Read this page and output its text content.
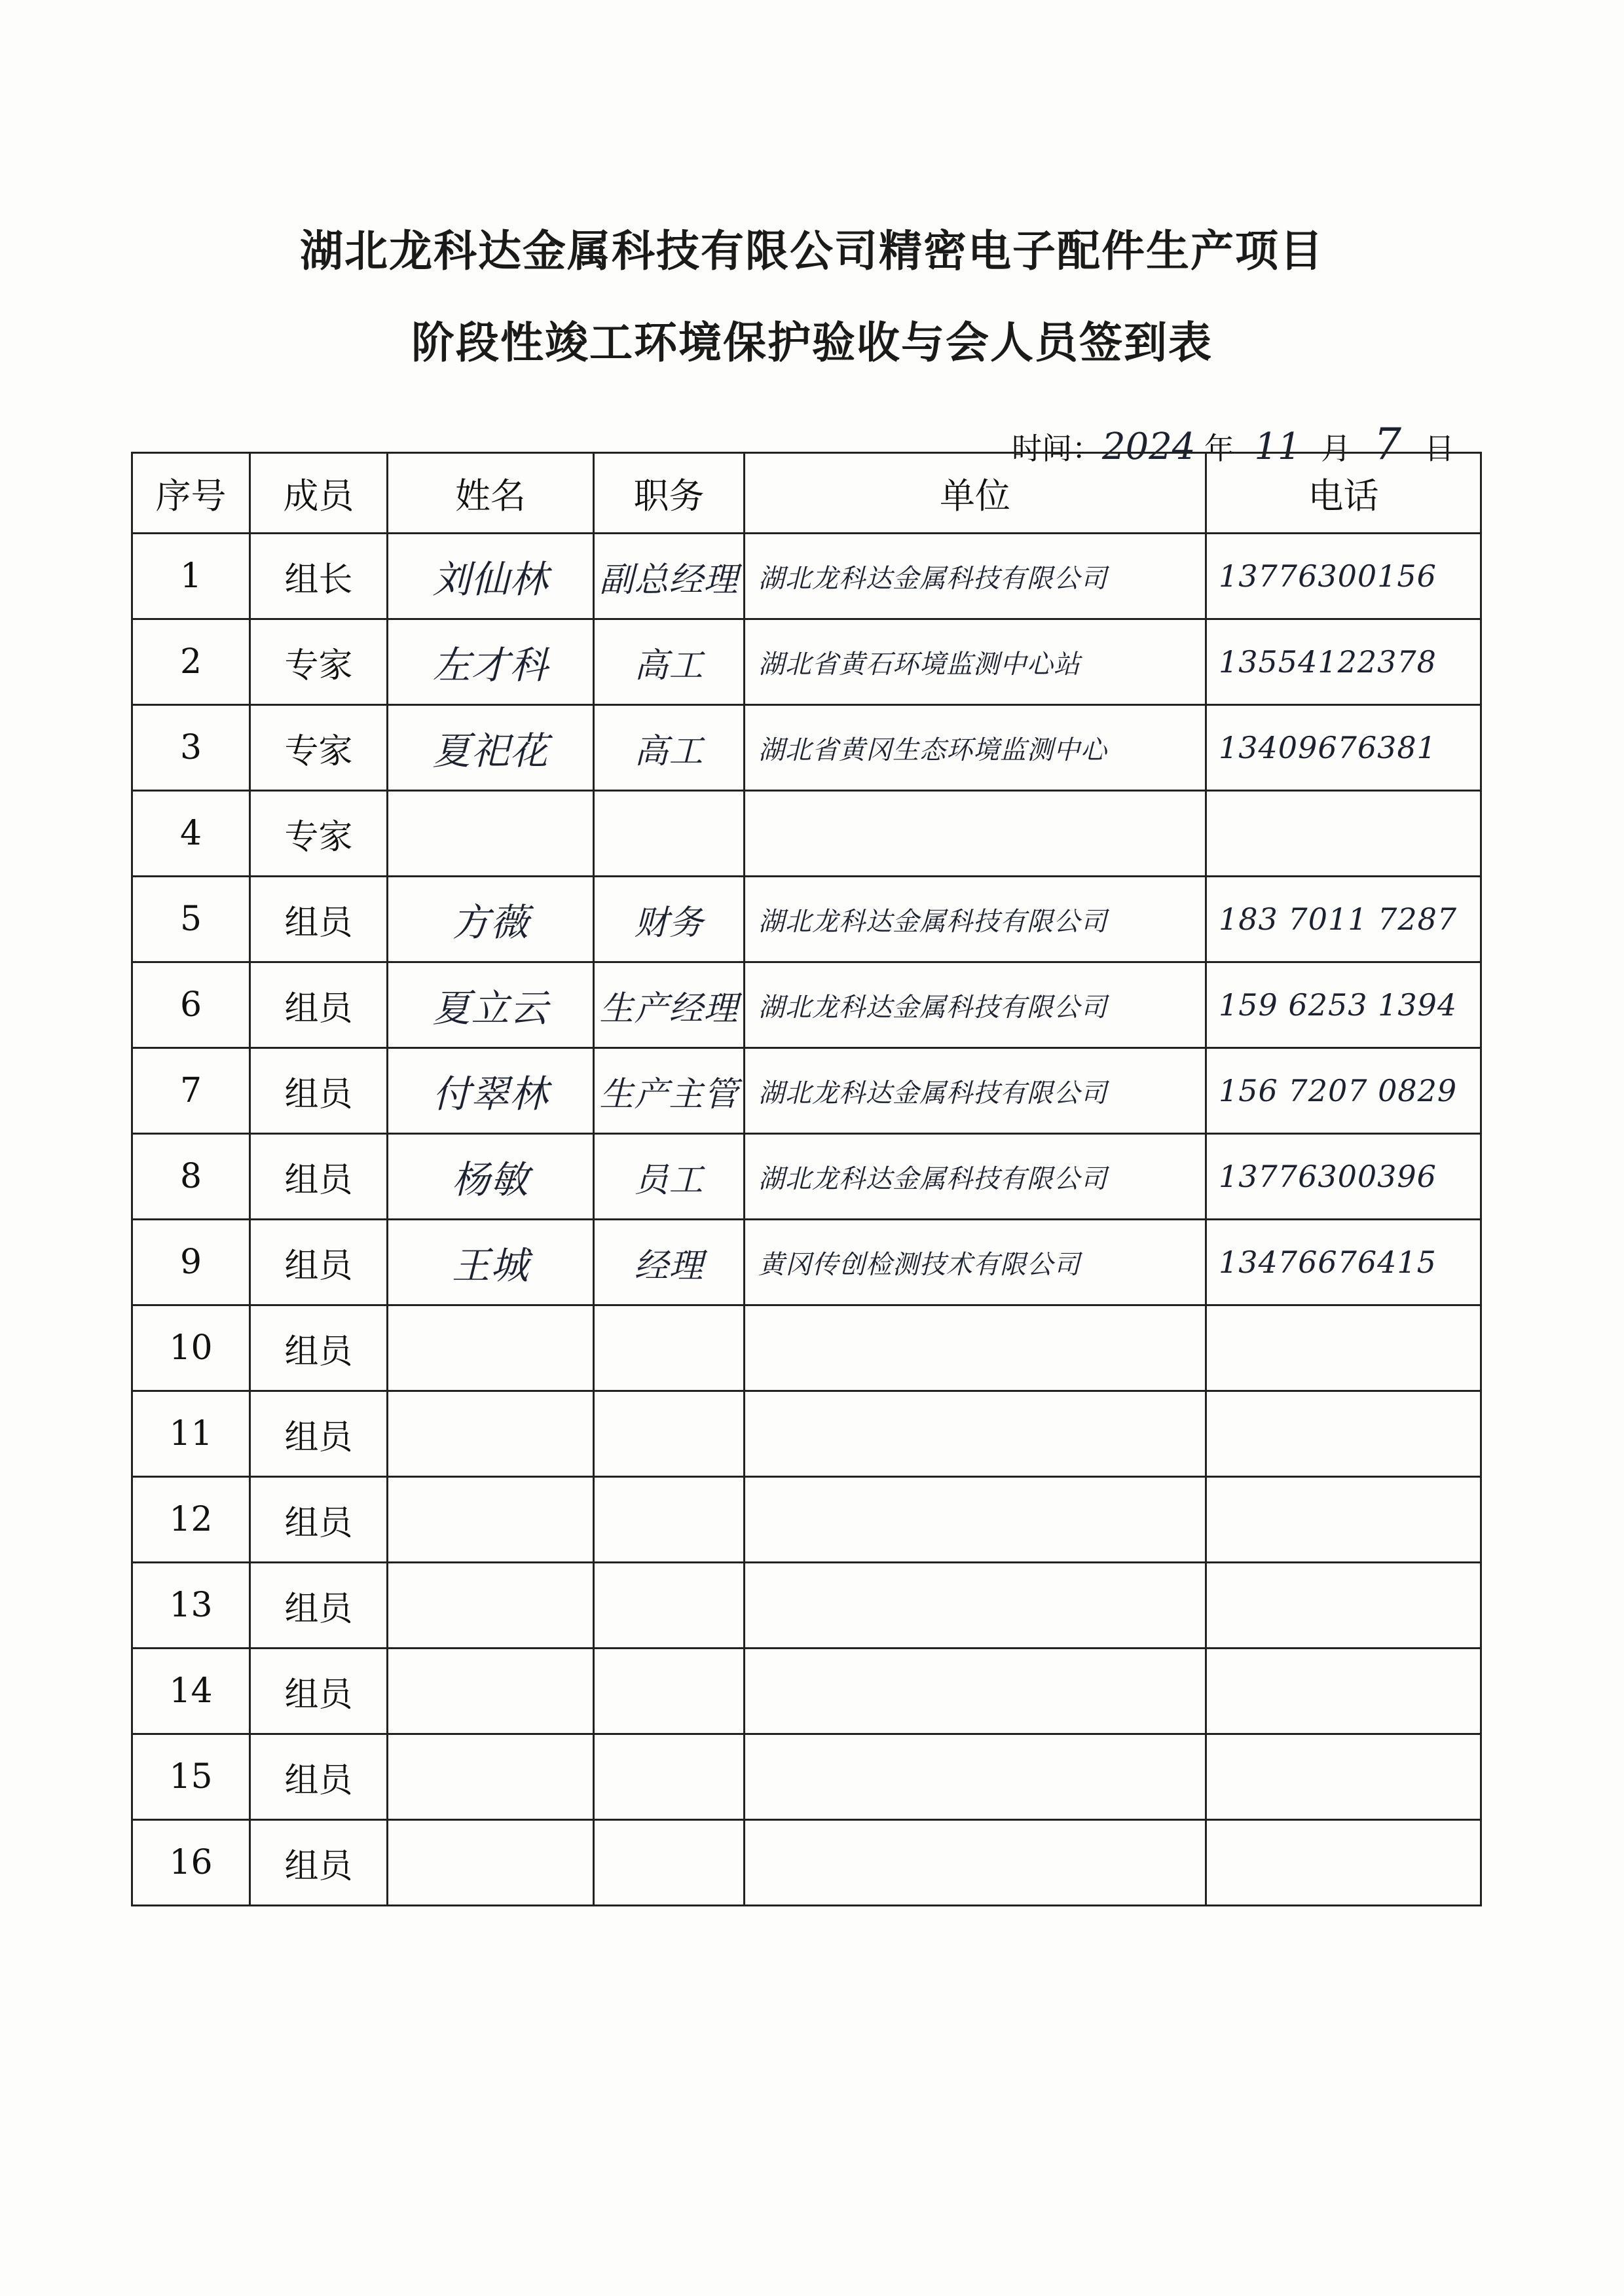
湖北龙科达金属科技有限公司精密电子配件生产项目
阶段性竣工环境保护验收与会人员签到表
时间：2024 年 11 月 7 日
序号	成员	姓名	职务	单位	电话
1	组长	刘仙林	副总经理	湖北龙科达金属科技有限公司	13776300156
2	专家	左才科	高工	湖北省黄石环境监测中心站	13554122378
3	专家	夏祀花	高工	湖北省黄冈生态环境监测中心	13409676381
4	专家				
5	组员	方薇	财务	湖北龙科达金属科技有限公司	183 7011 7287
6	组员	夏立云	生产经理	湖北龙科达金属科技有限公司	159 6253 1394
7	组员	付翠林	生产主管	湖北龙科达金属科技有限公司	156 7207 0829
8	组员	杨敏	员工	湖北龙科达金属科技有限公司	13776300396
9	组员	王城	经理	黄冈传创检测技术有限公司	13476676415
10	组员				
11	组员				
12	组员				
13	组员				
14	组员				
15	组员				
16	组员				
